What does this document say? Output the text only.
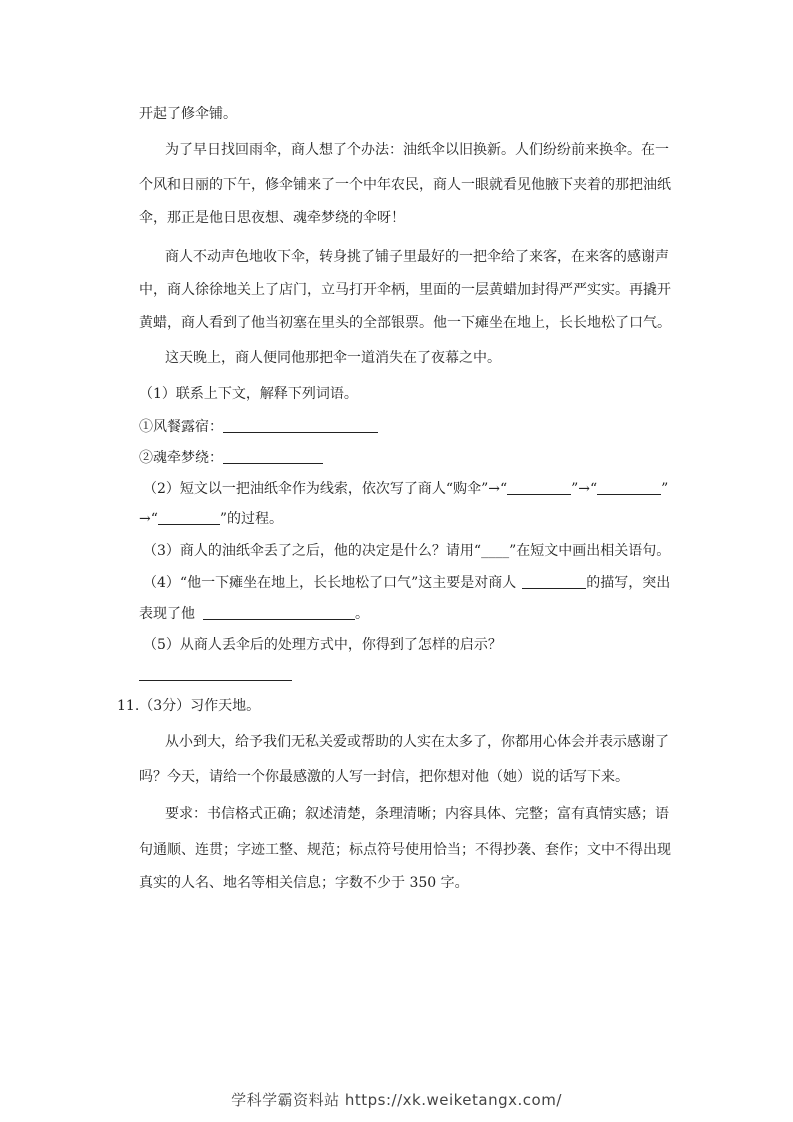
开起了修伞铺。
为了早日找回雨伞，商人想了个办法：油纸伞以旧换新。人们纷纷前来换伞。在一
个风和日丽的下午，修伞铺来了一个中年农民，商人一眼就看见他腋下夹着的那把油纸
伞，那正是他日思夜想、魂牵梦绕的伞呀！
商人不动声色地收下伞，转身挑了铺子里最好的一把伞给了来客，在来客的感谢声
中，商人徐徐地关上了店门，立马打开伞柄，里面的一层黄蜡加封得严严实实。再撬开
黄蜡，商人看到了他当初塞在里头的全部银票。他一下瘫坐在地上，长长地松了口气。
这天晚上，商人便同他那把伞一道消失在了夜幕之中。
（1）联系上下文，解释下列词语。
①风餐露宿：
②魂牵梦绕：
（2）短文以一把油纸伞作为线索，依次写了商人“购伞”→“	”→“	”
→“	”的过程。
（3）商人的油纸伞丢了之后，他的决定是什么？请用“____”在短文中画出相关语句。
（4）“他一下瘫坐在地上，长长地松了口气”这主要是对商人	的描写，突出
表现了他	。
（5）从商人丢伞后的处理方式中，你得到了怎样的启示？
11.（3分）习作天地。
从小到大，给予我们无私关爱或帮助的人实在太多了，你都用心体会并表示感谢了
吗？今天，请给一个你最感激的人写一封信，把你想对他（她）说的话写下来。
要求：书信格式正确；叙述清楚，条理清晰；内容具体、完整；富有真情实感；语
句通顺、连贯；字迹工整、规范；标点符号使用恰当；不得抄袭、套作；文中不得出现
真实的人名、地名等相关信息；字数不少于 350 字。
学科学霸资料站 https://xk.weiketangx.com/
